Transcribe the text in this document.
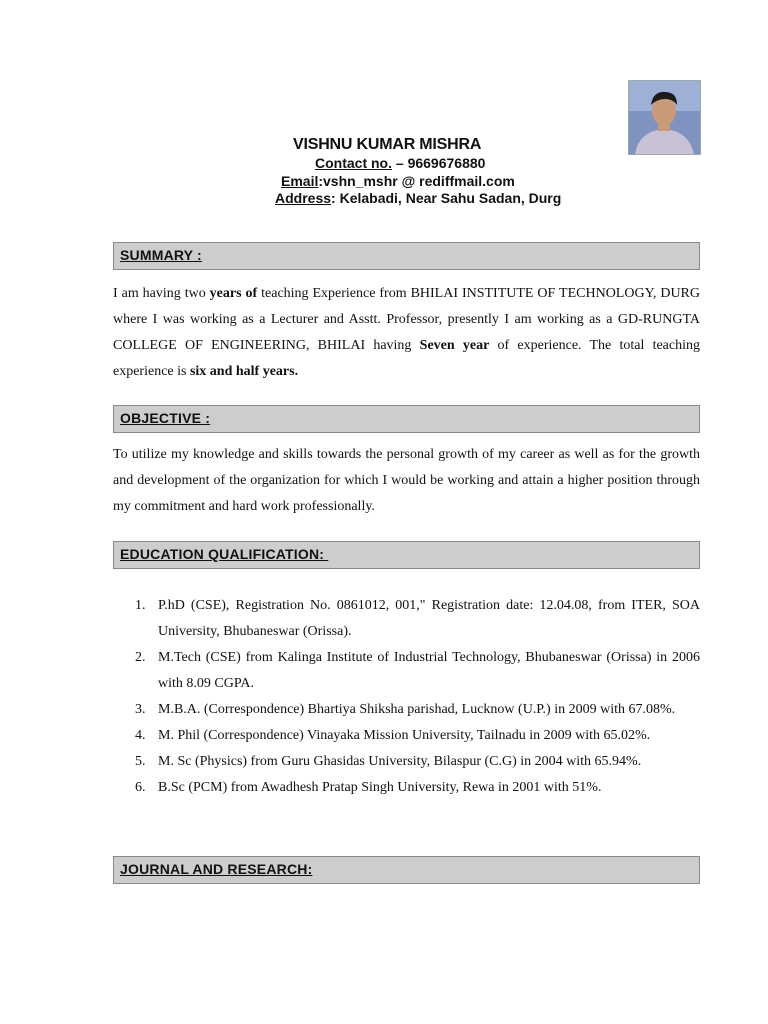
VISHNU KUMAR MISHRA
Contact no. – 9669676880
Email:vshn_mshr @ rediffmail.com
Address: Kelabadi, Near Sahu Sadan, Durg
SUMMARY :
I am having two years of teaching Experience from BHILAI INSTITUTE OF TECHNOLOGY, DURG where I was working as a Lecturer and Asstt. Professor, presently I am working as a GD-RUNGTA COLLEGE OF ENGINEERING, BHILAI having Seven year of experience. The total teaching experience is six and half years.
OBJECTIVE :
To utilize my knowledge and skills towards the personal growth of my career as well as for the growth and development of the organization for which I would be working and attain a higher position through my commitment and hard work professionally.
EDUCATION QUALIFICATION:
1. P.hD (CSE), Registration No. 0861012, 001," Registration date: 12.04.08, from ITER, SOA University, Bhubaneswar (Orissa).
2. M.Tech (CSE) from Kalinga Institute of Industrial Technology, Bhubaneswar (Orissa) in 2006 with 8.09 CGPA.
3. M.B.A. (Correspondence) Bhartiya Shiksha parishad, Lucknow (U.P.) in 2009 with 67.08%.
4. M. Phil (Correspondence) Vinayaka Mission University, Tailnadu in 2009 with 65.02%.
5. M. Sc (Physics) from Guru Ghasidas University, Bilaspur (C.G) in 2004 with 65.94%.
6. B.Sc (PCM) from Awadhesh Pratap Singh University, Rewa in 2001 with 51%.
JOURNAL AND RESEARCH:
